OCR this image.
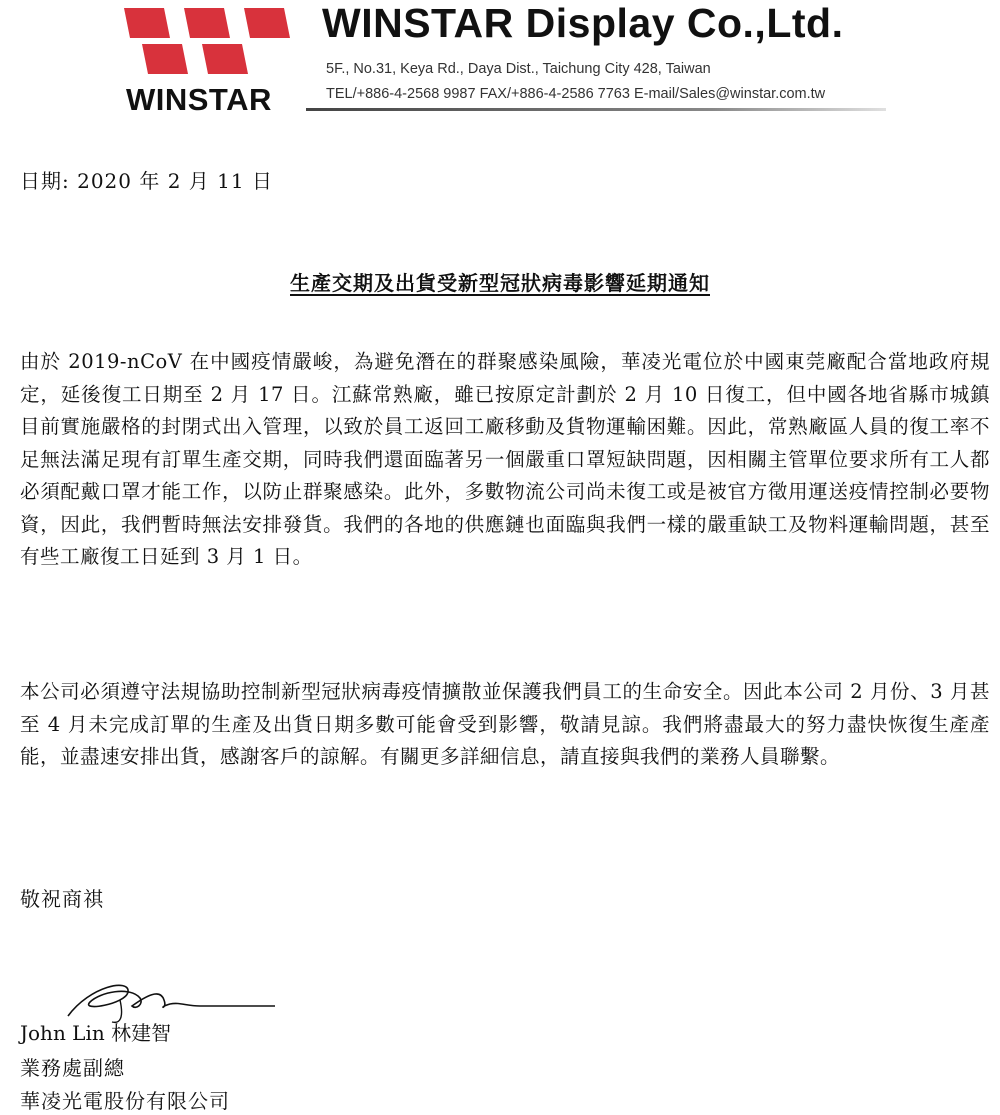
WINSTAR
WINSTAR Display Co.,Ltd.
5F., No.31, Keya Rd., Daya Dist., Taichung City 428, Taiwan
TEL/+886-4-2568 9987 FAX/+886-4-2586 7763 E-mail/Sales@winstar.com.tw
日期: 2020 年 2 月 11 日
生產交期及出貨受新型冠狀病毒影響延期通知

由於 2019-nCoV 在中國疫情嚴峻，為避免潛在的群聚感染風險，華凌光電位於中國東莞廠配合當地政府規定，延後復工日期至 2 月 17 日。江蘇常熟廠，雖已按原定計劃於 2 月 10 日復工，但中國各地省縣市城鎮目前實施嚴格的封閉式出入管理，以致於員工返回工廠移動及貨物運輸困難。因此，常熟廠區人員的復工率不足無法滿足現有訂單生產交期，同時我們還面臨著另一個嚴重口罩短缺問題，因相關主管單位要求所有工人都必須配戴口罩才能工作，以防止群聚感染。此外，多數物流公司尚未復工或是被官方徵用運送疫情控制必要物資，因此，我們暫時無法安排發貨。我們的各地的供應鏈也面臨與我們一樣的嚴重缺工及物料運輸問題，甚至有些工廠復工日延到 3 月 1 日。

本公司必須遵守法規協助控制新型冠狀病毒疫情擴散並保護我們員工的生命安全。因此本公司 2 月份、3 月甚至 4 月未完成訂單的生產及出貨日期多數可能會受到影響，敬請見諒。我們將盡最大的努力盡快恢復生產產能，並盡速安排出貨，感謝客戶的諒解。有關更多詳細信息，請直接與我們的業務人員聯繫。

敬祝商祺
John Lin 林建智
業務處副總
華凌光電股份有限公司
